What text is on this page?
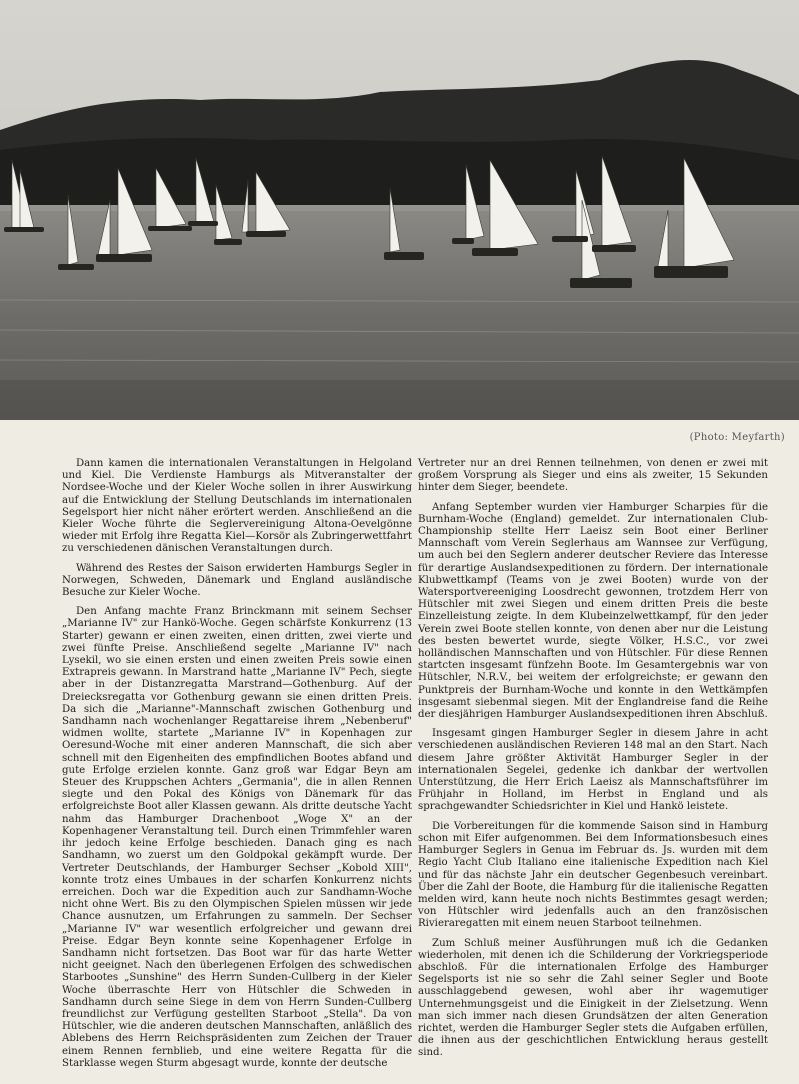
(Photo: Meyfarth)

Dann kamen die internationalen Veranstaltungen in Helgoland und Kiel. Die Verdienste Hamburgs als Mitveranstalter der Nordsee-Woche und der Kieler Woche sollen in ihrer Auswirkung auf die Entwicklung der Stellung Deutschlands im internationalen Segelsport hier nicht näher erörtert werden. Anschließend an die Kieler Woche führte die Seglervereinigung Altona-Oevelgönne wieder mit Erfolg ihre Regatta Kiel—Korsör als Zubringerwettfahrt zu verschiedenen dänischen Veranstaltungen durch.

Während des Restes der Saison erwiderten Hamburgs Segler in Norwegen, Schweden, Dänemark und England ausländische Besuche zur Kieler Woche.

Den Anfang machte Franz Brinckmann mit seinem Sechser „Marianne IV" zur Hankö-Woche. Gegen schärfste Konkurrenz (13 Starter) gewann er einen zweiten, einen dritten, zwei vierte und zwei fünfte Preise. Anschließend segelte „Marianne IV" nach Lysekil, wo sie einen ersten und einen zweiten Preis sowie einen Extrapreis gewann. In Marstrand hatte „Marianne IV" Pech, siegte aber in der Distanzregatta Marstrand—Gothenburg. Auf der Dreiecksregatta vor Gothenburg gewann sie einen dritten Preis. Da sich die „Marianne"-Mannschaft zwischen Gothenburg und Sandhamn nach wochenlanger Regattareise ihrem „Nebenberuf" widmen wollte, startete „Marianne IV" in Kopenhagen zur Oeresund-Woche mit einer anderen Mannschaft, die sich aber schnell mit den Eigenheiten des empfindlichen Bootes abfand und gute Erfolge erzielen konnte. Ganz groß war Edgar Beyn am Steuer des Kruppschen Achters „Germania", die in allen Rennen siegte und den Pokal des Königs von Dänemark für das erfolgreichste Boot aller Klassen gewann. Als dritte deutsche Yacht nahm das Hamburger Drachenboot „Woge X" an der Kopenhagener Veranstaltung teil. Durch einen Trimmfehler waren ihr jedoch keine Erfolge beschieden. Danach ging es nach Sandhamn, wo zuerst um den Goldpokal gekämpft wurde. Der Vertreter Deutschlands, der Hamburger Sechser „Kobold XIII", konnte trotz eines Umbaues in der scharfen Konkurrenz nichts erreichen. Doch war die Expedition auch zur Sandhamn-Woche nicht ohne Wert. Bis zu den Olympischen Spielen müssen wir jede Chance ausnutzen, um Erfahrungen zu sammeln. Der Sechser „Marianne IV" war wesentlich erfolgreicher und gewann drei Preise. Edgar Beyn konnte seine Kopenhagener Erfolge in Sandhamn nicht fortsetzen. Das Boot war für das harte Wetter nicht geeignet. Nach den überlegenen Erfolgen des schwedischen Starbootes „Sunshine" des Herrn Sunden-Cullberg in der Kieler Woche überraschte Herr von Hütschler die Schweden in Sandhamn durch seine Siege in dem von Herrn Sunden-Cullberg freundlichst zur Verfügung gestellten Starboot „Stella". Da von Hütschler, wie die anderen deutschen Mannschaften, anläßlich des Ablebens des Herrn Reichspräsidenten zum Zeichen der Trauer einem Rennen fernblieb, und eine weitere Regatta für die Starklasse wegen Sturm abgesagt wurde, konnte der deutsche

Vertreter nur an drei Rennen teilnehmen, von denen er zwei mit großem Vorsprung als Sieger und eins als zweiter, 15 Sekunden hinter dem Sieger, beendete.

Anfang September wurden vier Hamburger Scharpies für die Burnham-Woche (England) gemeldet. Zur internationalen Club-Championship stellte Herr Laeisz sein Boot einer Berliner Mannschaft vom Verein Seglerhaus am Wannsee zur Verfügung, um auch bei den Seglern anderer deutscher Reviere das Interesse für derartige Auslandsexpeditionen zu fördern. Der internationale Klubwettkampf (Teams von je zwei Booten) wurde von der Watersportvereeniging Loosdrecht gewonnen, trotzdem Herr von Hütschler mit zwei Siegen und einem dritten Preis die beste Einzelleistung zeigte. In dem Klubeinzelwettkampf, für den jeder Verein zwei Boote stellen konnte, von denen aber nur die Leistung des besten bewertet wurde, siegte Völker, H.S.C., vor zwei holländischen Mannschaften und von Hütschler. Für diese Rennen startcten insgesamt fünfzehn Boote. Im Gesamtergebnis war von Hütschler, N.R.V., bei weitem der erfolgreichste; er gewann den Punktpreis der Burnham-Woche und konnte in den Wettkämpfen insgesamt siebenmal siegen. Mit der Englandreise fand die Reihe der diesjährigen Hamburger Auslandsexpeditionen ihren Abschluß.

Insgesamt gingen Hamburger Segler in diesem Jahre in acht verschiedenen ausländischen Revieren 148 mal an den Start. Nach diesem Jahre größter Aktivität Hamburger Segler in der internationalen Segelei, gedenke ich dankbar der wertvollen Unterstützung, die Herr Erich Laeisz als Mannschaftsführer im Frühjahr in Holland, im Herbst in England und als sprachgewandter Schiedsrichter in Kiel und Hankö leistete.

Die Vorbereitungen für die kommende Saison sind in Hamburg schon mit Eifer aufgenommen. Bei dem Informationsbesuch eines Hamburger Seglers in Genua im Februar ds. Js. wurden mit dem Regio Yacht Club Italiano eine italienische Expedition nach Kiel und für das nächste Jahr ein deutscher Gegenbesuch vereinbart. Über die Zahl der Boote, die Hamburg für die italienische Regatten melden wird, kann heute noch nichts Bestimmtes gesagt werden; von Hütschler wird jedenfalls auch an den französischen Rivieraregatten mit einem neuen Starboot teilnehmen.

Zum Schluß meiner Ausführungen muß ich die Gedanken wiederholen, mit denen ich die Schilderung der Vorkriegsperiode abschloß. Für die internationalen Erfolge des Hamburger Segelsports ist nie so sehr die Zahl seiner Segler und Boote ausschlaggebend gewesen, wohl aber ihr wagemutiger Unternehmungsgeist und die Einigkeit in der Zielsetzung. Wenn man sich immer nach diesen Grundsätzen der alten Generation richtet, werden die Hamburger Segler stets die Aufgaben erfüllen, die ihnen aus der geschichtlichen Entwicklung heraus gestellt sind.
